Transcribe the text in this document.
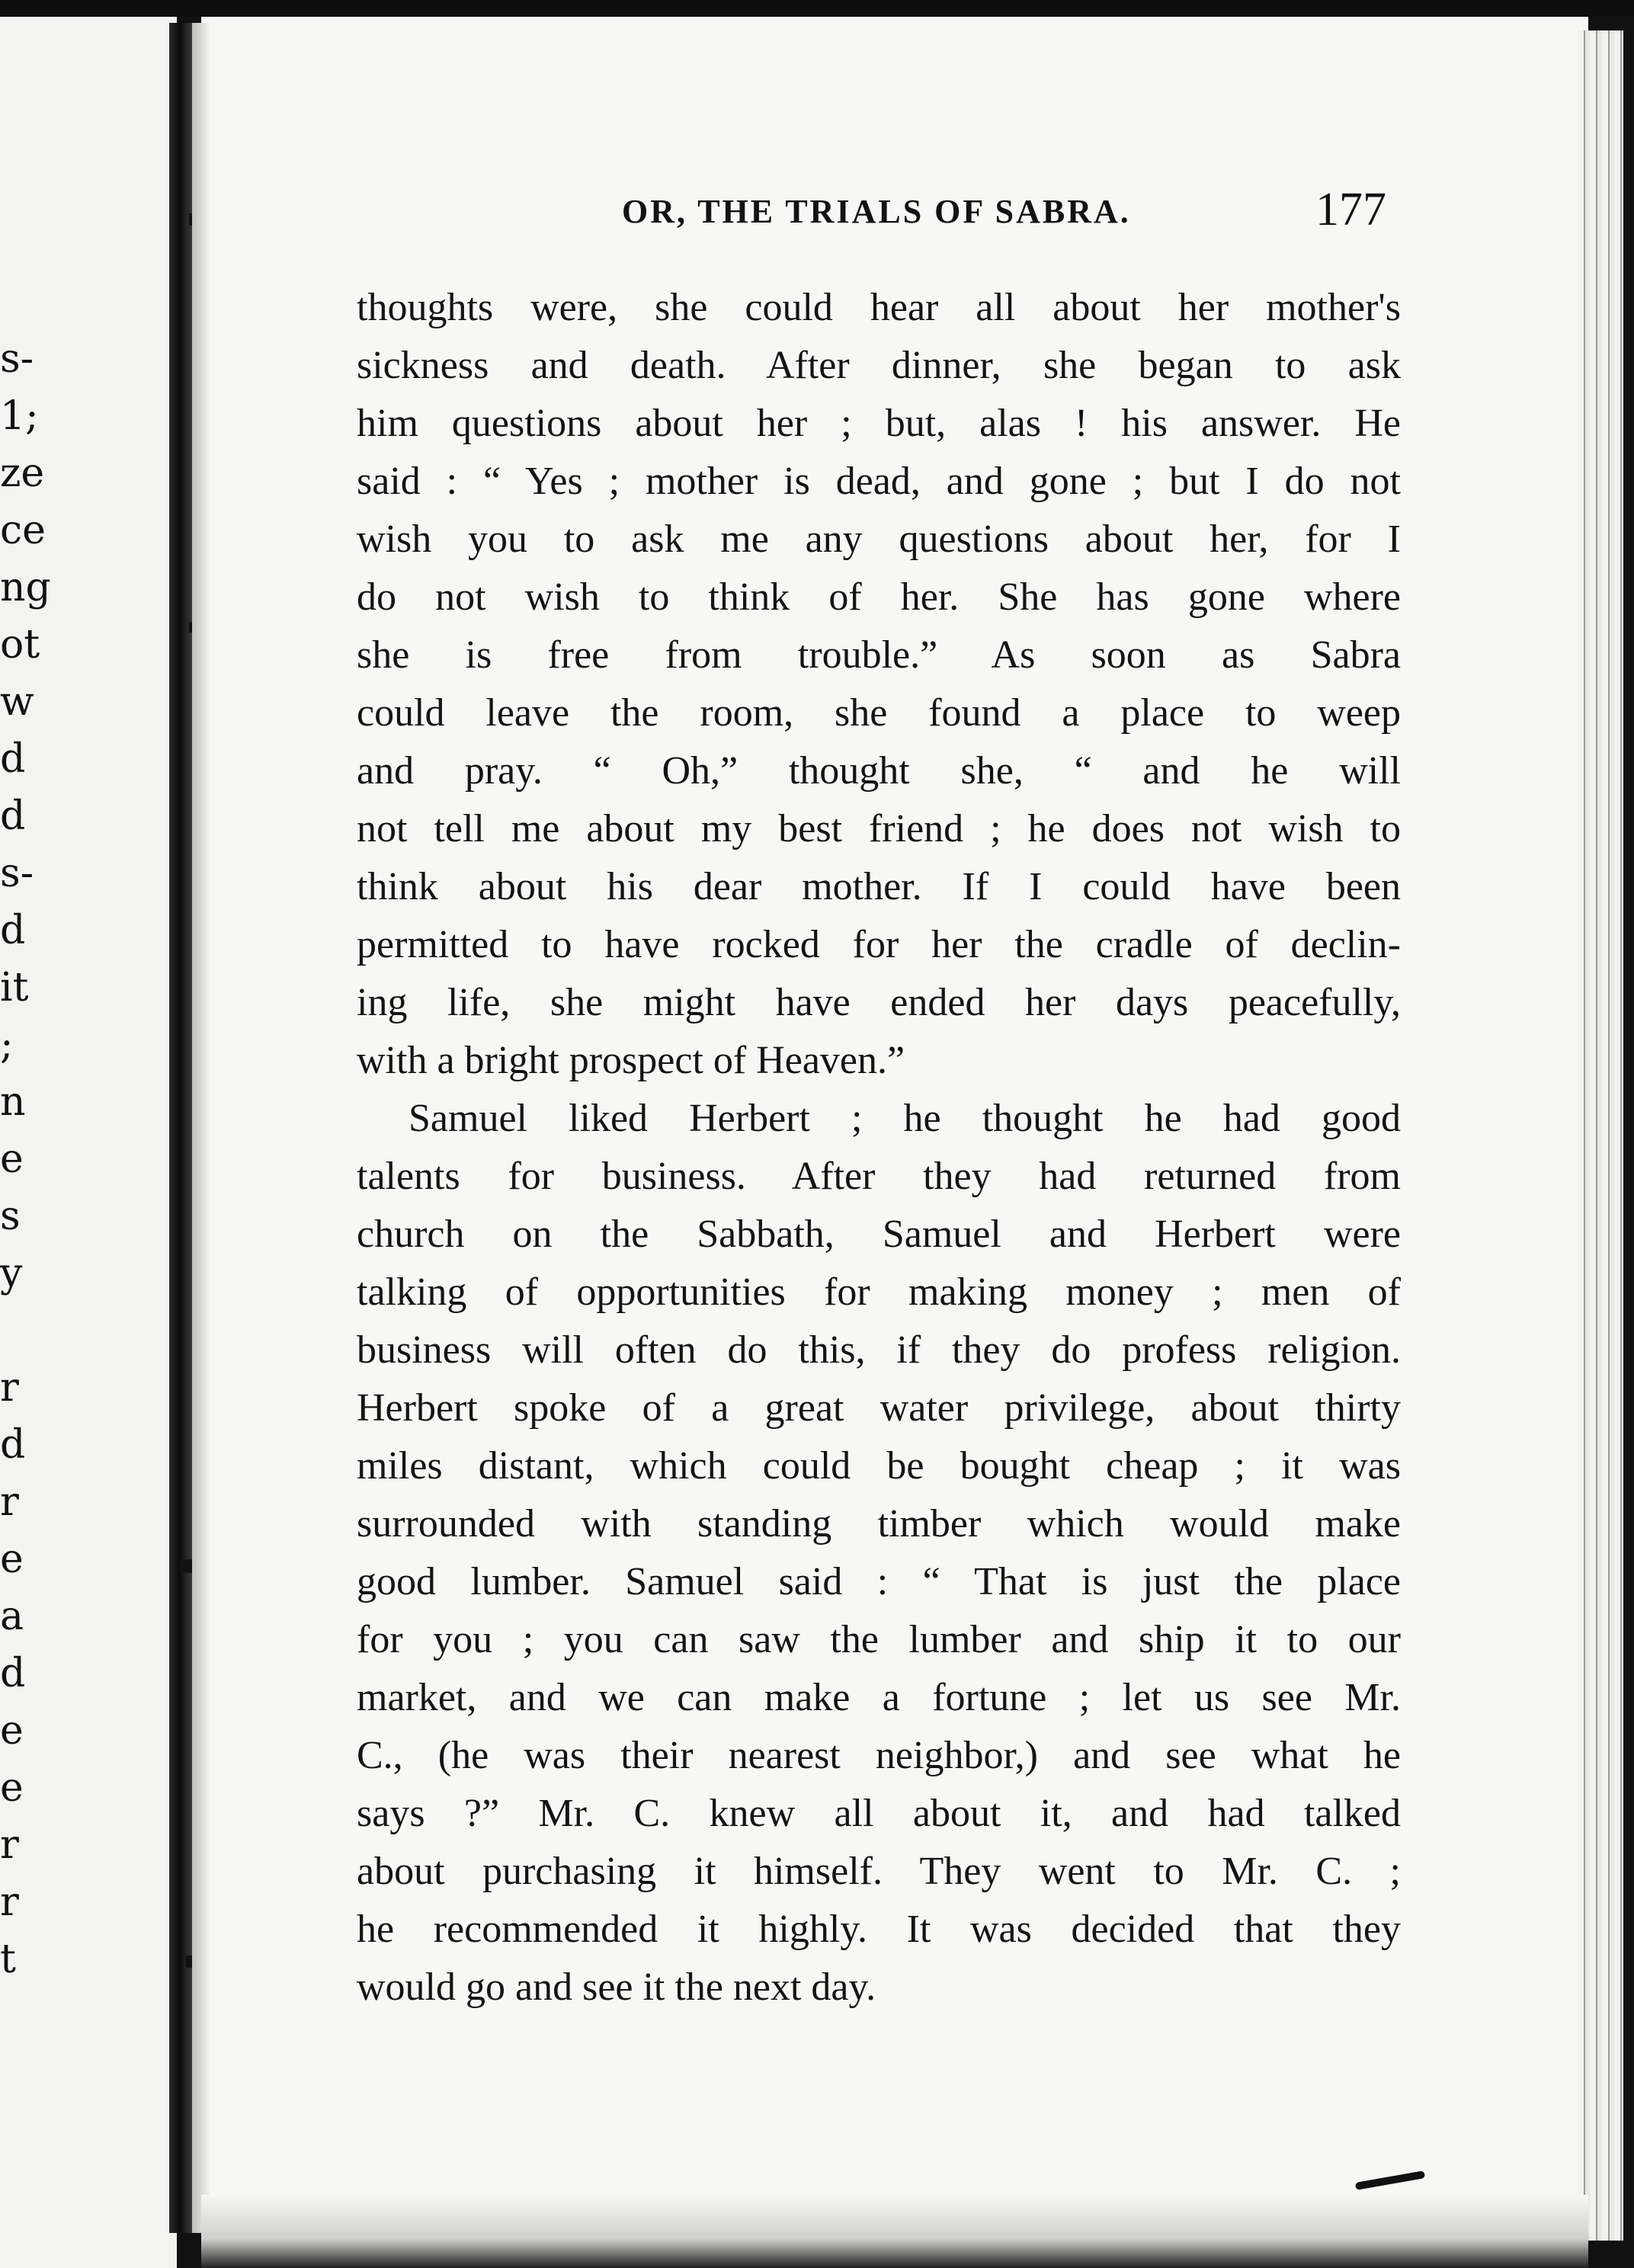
s-
1;
ze
ce
ng
ot
w
d
d
s-
d
it
;
n
e
s
y
r
d
r
e
a
d
e
e
r
r
t
OR, THE TRIALS OF SABRA.	177
thoughts were, she could hear all about her mother's
sickness and death. After dinner, she began to ask
him questions about her ; but, alas ! his answer. He
said : “ Yes ; mother is dead, and gone ; but I do not
wish you to ask me any questions about her, for I
do not wish to think of her. She has gone where
she is free from trouble.” As soon as Sabra
could leave the room, she found a place to weep
and pray. “ Oh,” thought she, “ and he will
not tell me about my best friend ; he does not wish to
think about his dear mother. If I could have been
permitted to have rocked for her the cradle of declin-
ing life, she might have ended her days peacefully,
with a bright prospect of Heaven.”
Samuel liked Herbert ; he thought he had good
talents for business. After they had returned from
church on the Sabbath, Samuel and Herbert were
talking of opportunities for making money ; men of
business will often do this, if they do profess religion.
Herbert spoke of a great water privilege, about thirty
miles distant, which could be bought cheap ; it was
surrounded with standing timber which would make
good lumber. Samuel said : “ That is just the place
for you ; you can saw the lumber and ship it to our
market, and we can make a fortune ; let us see Mr.
C., (he was their nearest neighbor,) and see what he
says ?” Mr. C. knew all about it, and had talked
about purchasing it himself. They went to Mr. C. ;
he recommended it highly. It was decided that they
would go and see it the next day.
